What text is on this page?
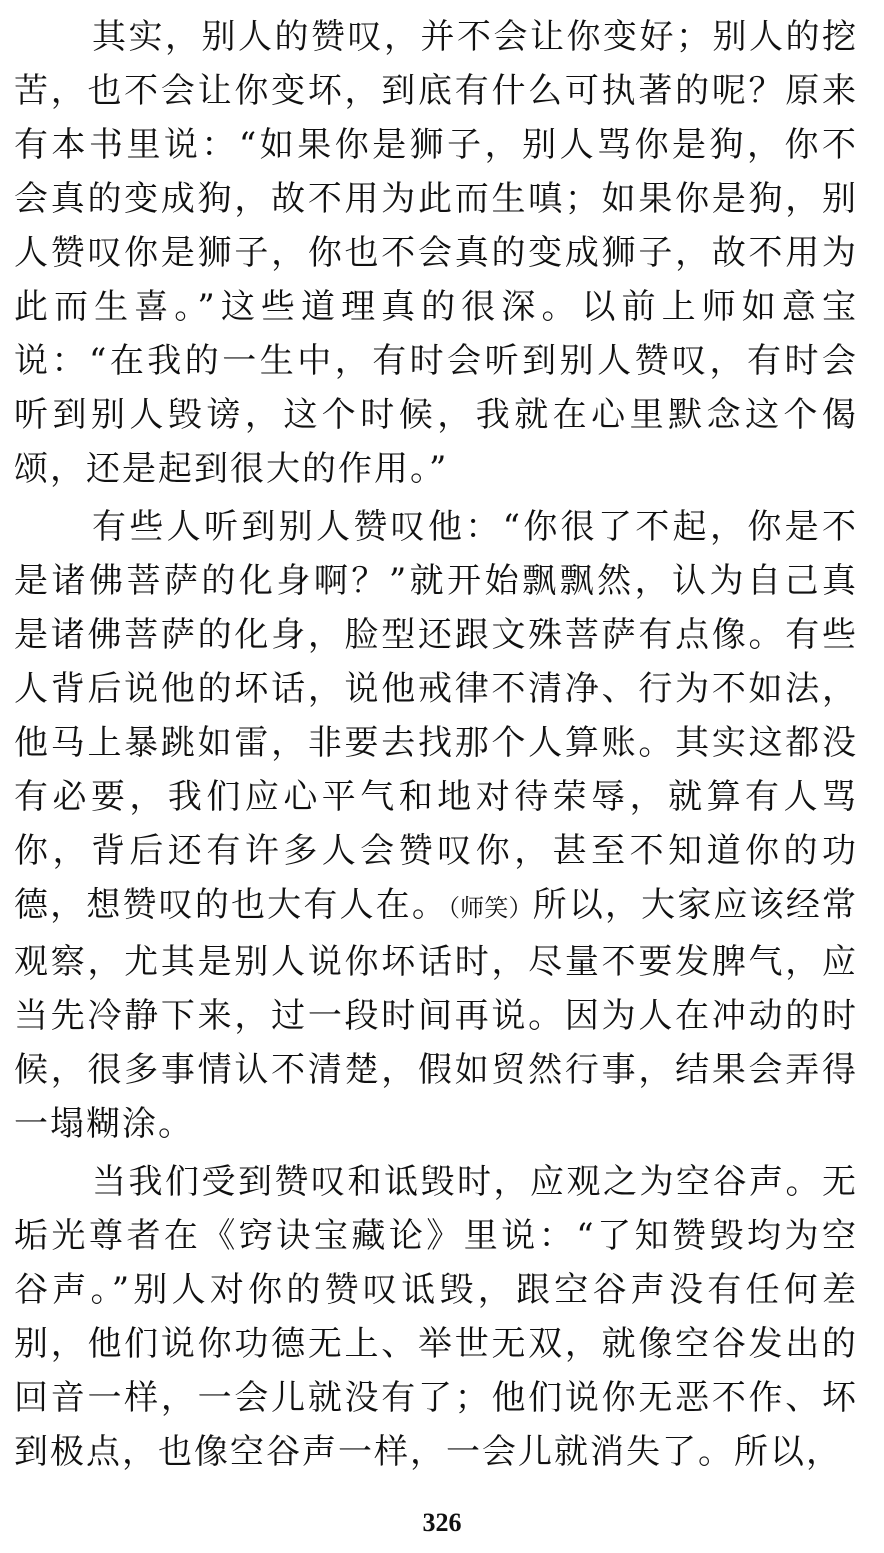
其实，别人的赞叹，并不会让你变好；别人的挖苦，也不会让你变坏，到底有什么可执著的呢？原来有本书里说：“如果你是狮子，别人骂你是狗，你不会真的变成狗，故不用为此而生嗔；如果你是狗，别人赞叹你是狮子，你也不会真的变成狮子，故不用为此而生喜。”这些道理真的很深。以前上师如意宝说：“在我的一生中，有时会听到别人赞叹，有时会听到别人毁谤，这个时候，我就在心里默念这个偈颂，还是起到很大的作用。”

有些人听到别人赞叹他：“你很了不起，你是不是诸佛菩萨的化身啊？”就开始飘飘然，认为自己真是诸佛菩萨的化身，脸型还跟文殊菩萨有点像。有些人背后说他的坏话，说他戒律不清净、行为不如法，他马上暴跳如雷，非要去找那个人算账。其实这都没有必要，我们应心平气和地对待荣辱，就算有人骂你，背后还有许多人会赞叹你，甚至不知道你的功德，想赞叹的也大有人在。（师笑）所以，大家应该经常观察，尤其是别人说你坏话时，尽量不要发脾气，应当先冷静下来，过一段时间再说。因为人在冲动的时候，很多事情认不清楚，假如贸然行事，结果会弄得一塌糊涂。

当我们受到赞叹和诋毁时，应观之为空谷声。无垢光尊者在《窍诀宝藏论》里说：“了知赞毁均为空谷声。”别人对你的赞叹诋毁，跟空谷声没有任何差别，他们说你功德无上、举世无双，就像空谷发出的回音一样，一会儿就没有了；他们说你无恶不作、坏到极点，也像空谷声一样，一会儿就消失了。所以，

326
